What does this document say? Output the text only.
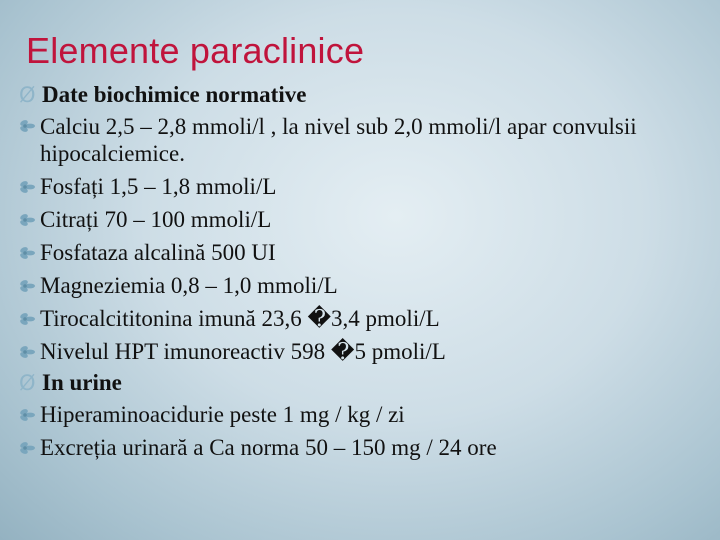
Elemente paraclinice
Ø Date biochimice normative
Calciu 2,5 – 2,8 mmoli/l , la nivel sub 2,0 mmoli/l apar convulsii hipocalciemice.
Fosfați 1,5 – 1,8 mmoli/L
Citrați 70 – 100 mmoli/L
Fosfataza alcalină 500 UI
Magneziemia 0,8 – 1,0 mmoli/L
Tirocalcititonina imună 23,6 �3,4 pmoli/L
Nivelul HPT imunoreactiv 598 �5 pmoli/L
Ø In urine
Hiperaminoacidurie peste 1 mg / kg / zi
Excreția urinară a Ca norma 50 – 150 mg / 24 ore
